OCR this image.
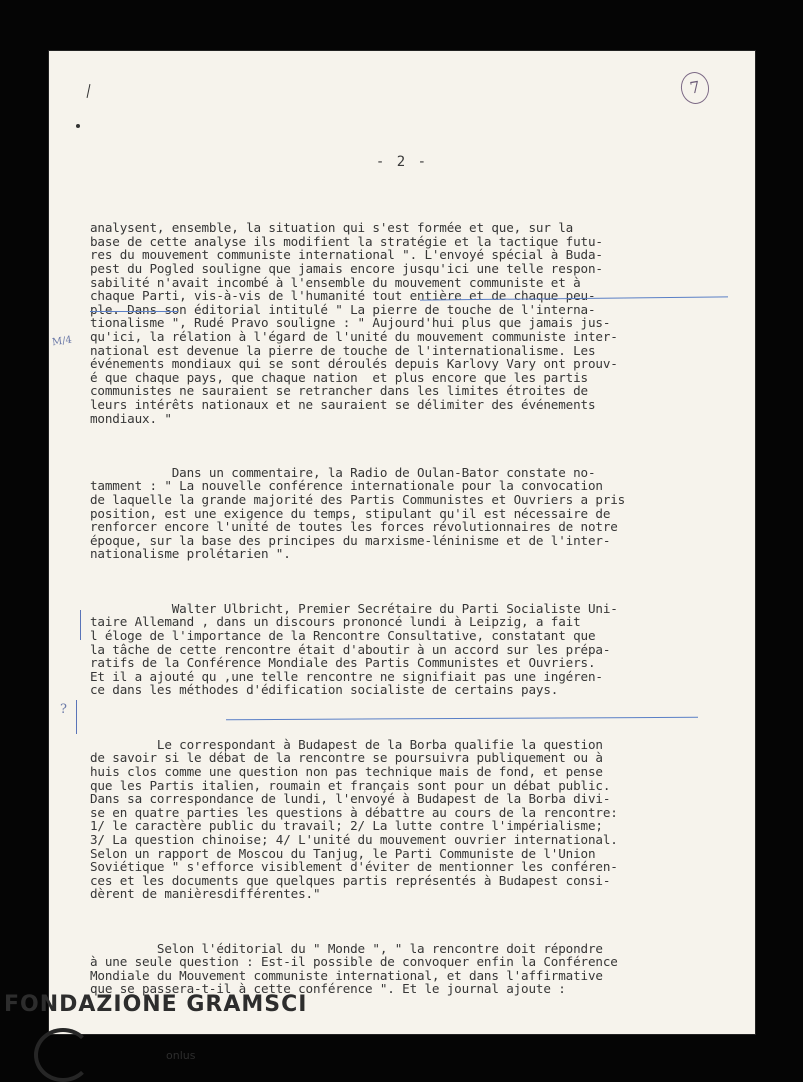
7
- 2 -

analysent, ensemble, la situation qui s'est formée et que, sur la
base de cette analyse ils modifient la stratégie et la tactique futu-
res du mouvement communiste international ". L'envoyé spécial à Buda-
pest du Pogled souligne que jamais encore jusqu'ici une telle respon-
sabilité n'avait incombé à l'ensemble du mouvement communiste et à
chaque Parti, vis-à-vis de l'humanité tout entière et de chaque peu-
ple. Dans son éditorial intitulé " La pierre de touche de l'interna-
tionalisme ", Rudé Pravo souligne : " Aujourd'hui plus que jamais jus-
qu'ici, la rélation à l'égard de l'unité du mouvement communiste inter-
national est devenue la pierre de touche de l'internationalisme. Les
événements mondiaux qui se sont déroulés depuis Karlovy Vary ont prouv-
é que chaque pays, que chaque nation  et plus encore que les partis
communistes ne sauraient se retrancher dans les limites étroites de
leurs intérêts nationaux et ne sauraient se délimiter des événements
mondiaux. "

Dans un commentaire, la Radio de Oulan-Bator constate no-
tamment : " La nouvelle conférence internationale pour la convocation
de laquelle la grande majorité des Partis Communistes et Ouvriers a pris
position, est une exigence du temps, stipulant qu'il est nécessaire de
renforcer encore l'unité de toutes les forces révolutionnaires de notre
époque, sur la base des principes du marxisme-léninisme et de l'inter-
nationalisme prolétarien ".

Walter Ulbricht, Premier Secrétaire du Parti Socialiste Uni-
taire Allemand , dans un discours prononcé lundi à Leipzig, a fait
l éloge de l'importance de la Rencontre Consultative, constatant que
la tâche de cette rencontre était d'aboutir à un accord sur les prépa-
ratifs de la Conférence Mondiale des Partis Communistes et Ouvriers.
Et il a ajouté qu ,une telle rencontre ne signifiait pas une ingéren-
ce dans les méthodes d'édification socialiste de certains pays.

Le correspondant à Budapest de la Borba qualifie la question
de savoir si le débat de la rencontre se poursuivra publiquement ou à
huis clos comme une question non pas technique mais de fond, et pense
que les Partis italien, roumain et français sont pour un débat public.
Dans sa correspondance de lundi, l'envoyé à Budapest de la Borba divi-
se en quatre parties les questions à débattre au cours de la rencontre:
1/ le caractère public du travail; 2/ La lutte contre l'impérialisme;
3/ La question chinoise; 4/ L'unité du mouvement ouvrier international.
Selon un rapport de Moscou du Tanjug, le Parti Communiste de l'Union
Soviétique " s'efforce visiblement d'éviter de mentionner les conféren-
ces et les documents que quelques partis représentés à Budapest consi-
dèrent de manièresdifférentes."

Selon l'éditorial du " Monde ", " la rencontre doit répondre
à une seule question : Est-il possible de convoquer enfin la Conférence
Mondiale du Mouvement communiste international, et dans l'affirmative
que se passera-t-il à cette conférence ". Et le journal ajoute :

M/4
?
FONDAZIONE GRAMSCI
onlus
